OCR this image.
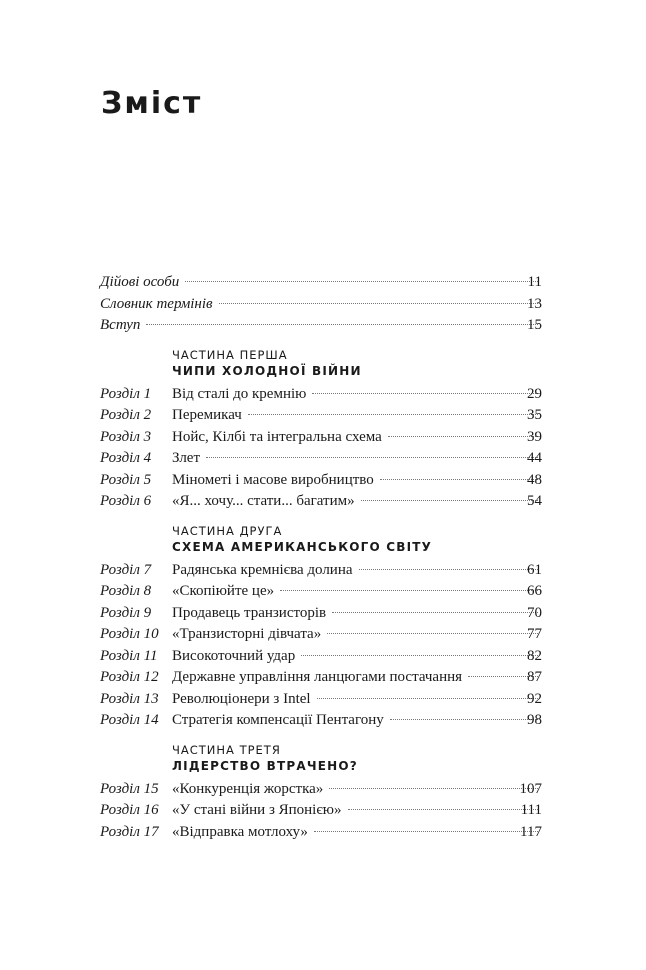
Зміст
Дійові особи	11
Словник термінів	13
Вступ	15
ЧАСТИНА ПЕРША
ЧИПИ ХОЛОДНОЇ ВІЙНИ
Розділ 1 Від сталі до кремнію	29
Розділ 2 Перемикач	35
Розділ 3 Нойс, Кілбі та інтегральна схема	39
Розділ 4 Злет	44
Розділ 5 Мінометі і масове виробництво	48
Розділ 6 «Я... хочу... стати... багатим»	54
ЧАСТИНА ДРУГА
СХЕМА АМЕРИКАНСЬКОГО СВІТУ
Розділ 7 Радянська кремнієва долина	61
Розділ 8 «Скопіюйте це»	66
Розділ 9 Продавець транзисторів	70
Розділ 10 «Транзисторні дівчата»	77
Розділ 11 Високоточний удар	82
Розділ 12 Державне управління ланцюгами постачання	87
Розділ 13 Революціонери з Intel	92
Розділ 14 Стратегія компенсації Пентагону	98
ЧАСТИНА ТРЕТЯ
ЛІДЕРСТВО ВТРАЧЕНО?
Розділ 15 «Конкуренція жорстка»	107
Розділ 16 «У стані війни з Японією»	111
Розділ 17 «Відправка мотлоху»	117
